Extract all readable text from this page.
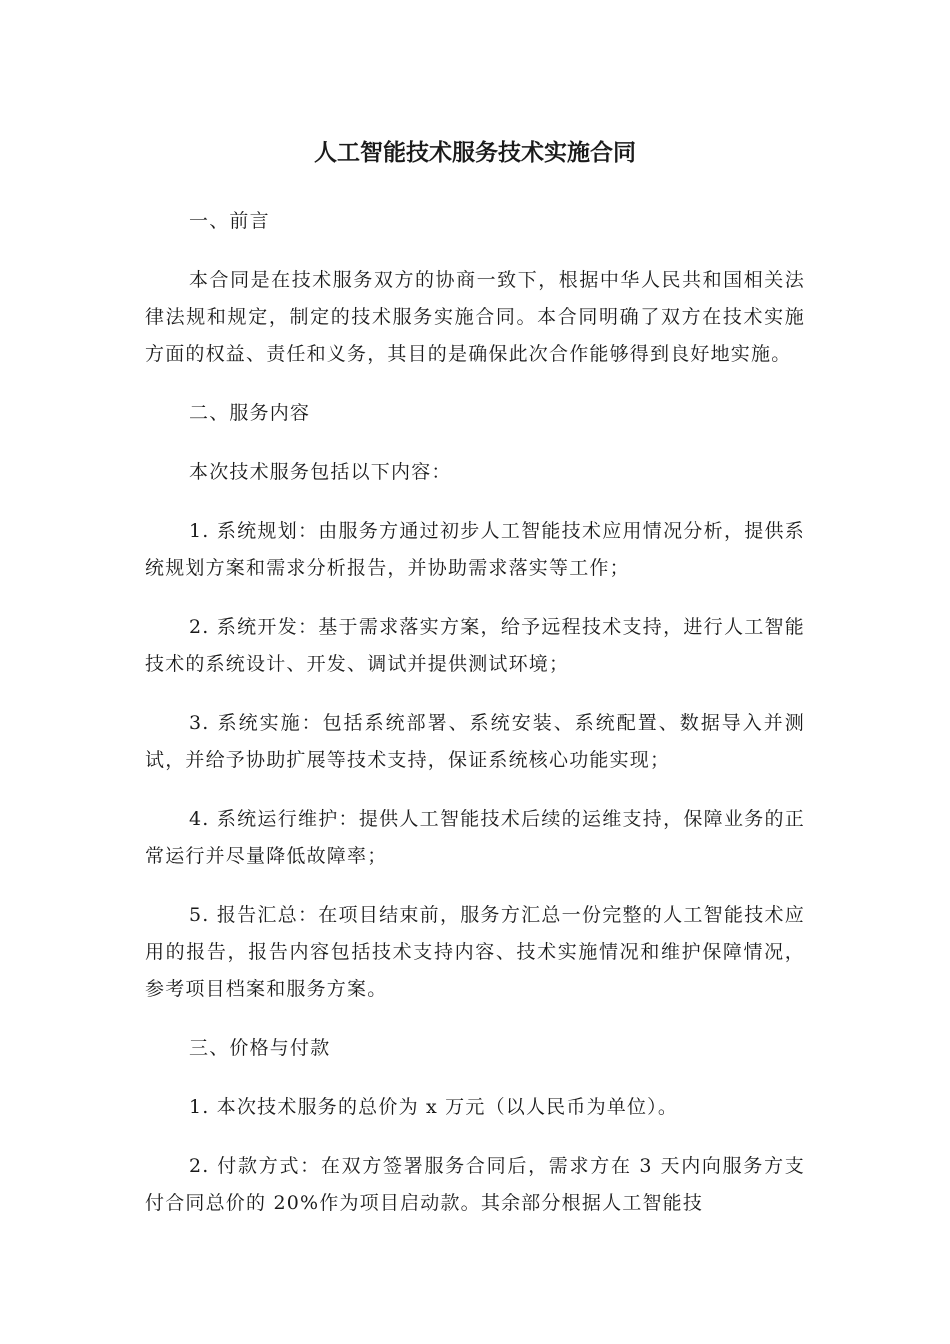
人工智能技术服务技术实施合同

一、前言

本合同是在技术服务双方的协商一致下，根据中华人民共和国相关法律法规和规定，制定的技术服务实施合同。本合同明确了双方在技术实施方面的权益、责任和义务，其目的是确保此次合作能够得到良好地实施。

二、服务内容

本次技术服务包括以下内容：

1. 系统规划：由服务方通过初步人工智能技术应用情况分析，提供系统规划方案和需求分析报告，并协助需求落实等工作；

2. 系统开发：基于需求落实方案，给予远程技术支持，进行人工智能技术的系统设计、开发、调试并提供测试环境；

3. 系统实施：包括系统部署、系统安装、系统配置、数据导入并测试，并给予协助扩展等技术支持，保证系统核心功能实现；

4. 系统运行维护：提供人工智能技术后续的运维支持，保障业务的正常运行并尽量降低故障率；

5. 报告汇总：在项目结束前，服务方汇总一份完整的人工智能技术应用的报告，报告内容包括技术支持内容、技术实施情况和维护保障情况，参考项目档案和服务方案。

三、价格与付款

1. 本次技术服务的总价为 x 万元（以人民币为单位）。

2. 付款方式：在双方签署服务合同后，需求方在 3 天内向服务方支付合同总价的 20%作为项目启动款。其余部分根据人工智能技
